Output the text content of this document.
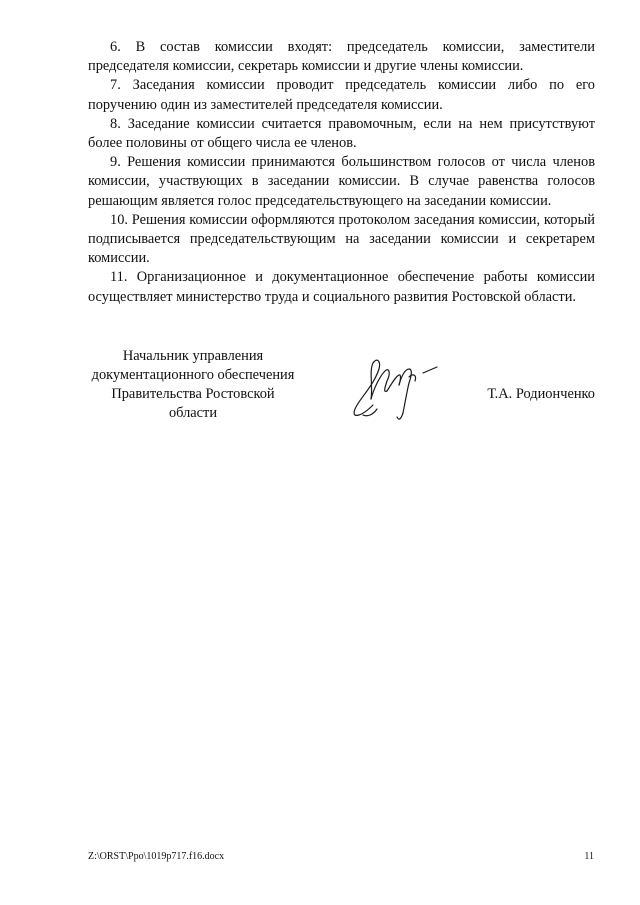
6. В состав комиссии входят: председатель комиссии, заместители председателя комиссии, секретарь комиссии и другие члены комиссии.

7. Заседания комиссии проводит председатель комиссии либо по его поручению один из заместителей председателя комиссии.

8. Заседание комиссии считается правомочным, если на нем присутствуют более половины от общего числа ее членов.

9. Решения комиссии принимаются большинством голосов от числа членов комиссии, участвующих в заседании комиссии. В случае равенства голосов решающим является голос председательствующего на заседании комиссии.

10. Решения комиссии оформляются протоколом заседания комиссии, который подписывается председательствующим на заседании комиссии и секретарем комиссии.

11. Организационное и документационное обеспечение работы комиссии осуществляет министерство труда и социального развития Ростовской области.

Начальник управления
документационного обеспечения
Правительства Ростовской области
Т.А. Родионченко
Z:\ORST\Ppo\1019p717.f16.docx	11
